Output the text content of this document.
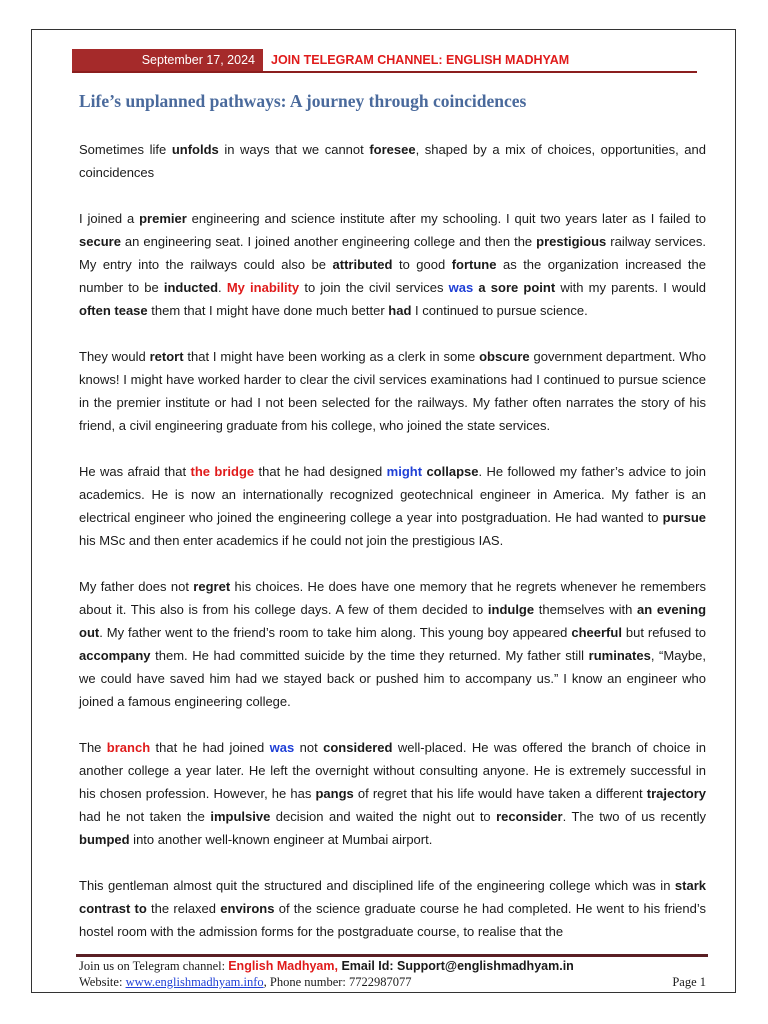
September 17, 2024	JOIN TELEGRAM CHANNEL: ENGLISH MADHYAM
Life’s unplanned pathways: A journey through coincidences

Sometimes life unfolds in ways that we cannot foresee, shaped by a mix of choices, opportunities, and coincidences

I joined a premier engineering and science institute after my schooling. I quit two years later as I failed to secure an engineering seat. I joined another engineering college and then the prestigious railway services. My entry into the railways could also be attributed to good fortune as the organization increased the number to be inducted. My inability to join the civil services was a sore point with my parents. I would often tease them that I might have done much better had I continued to pursue science.

They would retort that I might have been working as a clerk in some obscure government department. Who knows! I might have worked harder to clear the civil services examinations had I continued to pursue science in the premier institute or had I not been selected for the railways. My father often narrates the story of his friend, a civil engineering graduate from his college, who joined the state services.

He was afraid that the bridge that he had designed might collapse. He followed my father’s advice to join academics. He is now an internationally recognized geotechnical engineer in America. My father is an electrical engineer who joined the engineering college a year into postgraduation. He had wanted to pursue his MSc and then enter academics if he could not join the prestigious IAS.

My father does not regret his choices. He does have one memory that he regrets whenever he remembers about it. This also is from his college days. A few of them decided to indulge themselves with an evening out. My father went to the friend’s room to take him along. This young boy appeared cheerful but refused to accompany them. He had committed suicide by the time they returned. My father still ruminates, “Maybe, we could have saved him had we stayed back or pushed him to accompany us.” I know an engineer who joined a famous engineering college.

The branch that he had joined was not considered well-placed. He was offered the branch of choice in another college a year later. He left the overnight without consulting anyone. He is extremely successful in his chosen profession. However, he has pangs of regret that his life would have taken a different trajectory had he not taken the impulsive decision and waited the night out to reconsider. The two of us recently bumped into another well-known engineer at Mumbai airport.

This gentleman almost quit the structured and disciplined life of the engineering college which was in stark contrast to the relaxed environs of the science graduate course he had completed. He went to his friend’s hostel room with the admission forms for the postgraduate course, to realise that the

Join us on Telegram channel: English Madhyam, Email Id: Support@englishmadhyam.in
Website: www.englishmadhyam.info, Phone number: 7722987077	Page 1
